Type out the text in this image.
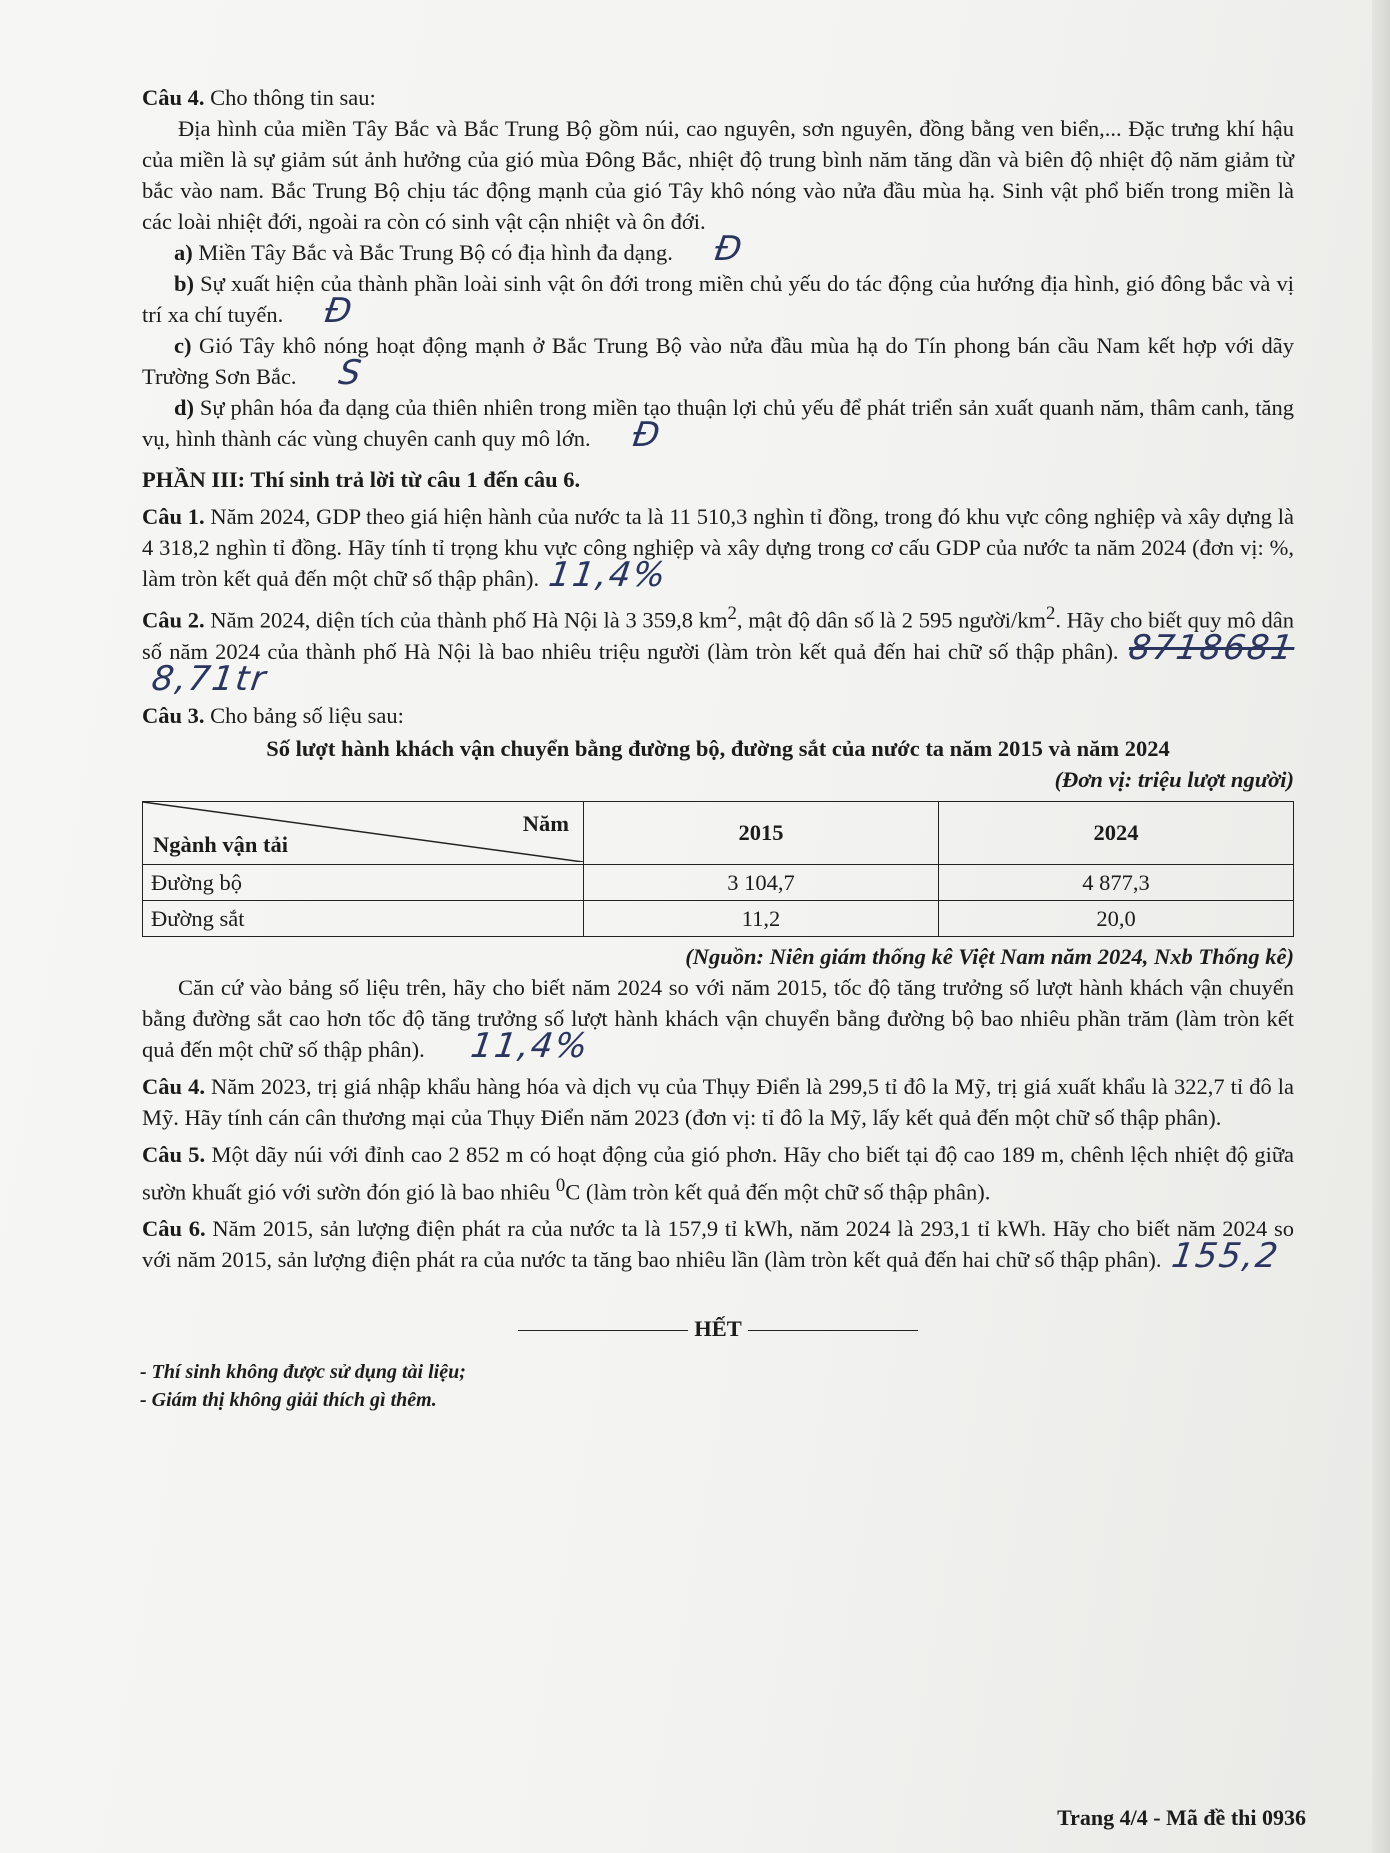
Câu 4. Cho thông tin sau:

Địa hình của miền Tây Bắc và Bắc Trung Bộ gồm núi, cao nguyên, sơn nguyên, đồng bằng ven biển,... Đặc trưng khí hậu của miền là sự giảm sút ảnh hưởng của gió mùa Đông Bắc, nhiệt độ trung bình năm tăng dần và biên độ nhiệt độ năm giảm từ bắc vào nam. Bắc Trung Bộ chịu tác động mạnh của gió Tây khô nóng vào nửa đầu mùa hạ. Sinh vật phổ biến trong miền là các loài nhiệt đới, ngoài ra còn có sinh vật cận nhiệt và ôn đới.

a) Miền Tây Bắc và Bắc Trung Bộ có địa hình đa dạng. Đ

b) Sự xuất hiện của thành phần loài sinh vật ôn đới trong miền chủ yếu do tác động của hướng địa hình, gió đông bắc và vị trí xa chí tuyến. Đ

c) Gió Tây khô nóng hoạt động mạnh ở Bắc Trung Bộ vào nửa đầu mùa hạ do Tín phong bán cầu Nam kết hợp với dãy Trường Sơn Bắc. S

d) Sự phân hóa đa dạng của thiên nhiên trong miền tạo thuận lợi chủ yếu để phát triển sản xuất quanh năm, thâm canh, tăng vụ, hình thành các vùng chuyên canh quy mô lớn. Đ

PHẦN III: Thí sinh trả lời từ câu 1 đến câu 6.

Câu 1. Năm 2024, GDP theo giá hiện hành của nước ta là 11 510,3 nghìn tỉ đồng, trong đó khu vực công nghiệp và xây dựng là 4 318,2 nghìn tỉ đồng. Hãy tính tỉ trọng khu vực công nghiệp và xây dựng trong cơ cấu GDP của nước ta năm 2024 (đơn vị: %, làm tròn kết quả đến một chữ số thập phân). 11,4%

Câu 2. Năm 2024, diện tích của thành phố Hà Nội là 3 359,8 $km^2$, mật độ dân số là 2 595 người/$km^2$. Hãy cho biết quy mô dân số năm 2024 của thành phố Hà Nội là bao nhiêu triệu người (làm tròn kết quả đến hai chữ số thập phân). 87186818,71tr

Câu 3. Cho bảng số liệu sau:

Số lượt hành khách vận chuyển bằng đường bộ, đường sắt của nước ta năm 2015 và năm 2024

(Đơn vị: triệu lượt người)

Năm
Ngành vận tải	2015	2024
Đường bộ	3 104,7	4 877,3
Đường sắt	11,2	20,0

(Nguồn: Niên giám thống kê Việt Nam năm 2024, Nxb Thống kê)

Căn cứ vào bảng số liệu trên, hãy cho biết năm 2024 so với năm 2015, tốc độ tăng trưởng số lượt hành khách vận chuyển bằng đường sắt cao hơn tốc độ tăng trưởng số lượt hành khách vận chuyển bằng đường bộ bao nhiêu phần trăm (làm tròn kết quả đến một chữ số thập phân). 11,4%

Câu 4. Năm 2023, trị giá nhập khẩu hàng hóa và dịch vụ của Thụy Điển là 299,5 tỉ đô la Mỹ, trị giá xuất khẩu là 322,7 tỉ đô la Mỹ. Hãy tính cán cân thương mại của Thụy Điển năm 2023 (đơn vị: tỉ đô la Mỹ, lấy kết quả đến một chữ số thập phân).

Câu 5. Một dãy núi với đỉnh cao 2 852 m có hoạt động của gió phơn. Hãy cho biết tại độ cao 189 m, chênh lệch nhiệt độ giữa sườn khuất gió với sườn đón gió là bao nhiêu $^0$C (làm tròn kết quả đến một chữ số thập phân).

Câu 6. Năm 2015, sản lượng điện phát ra của nước ta là 157,9 tỉ kWh, năm 2024 là 293,1 tỉ kWh. Hãy cho biết năm 2024 so với năm 2015, sản lượng điện phát ra của nước ta tăng bao nhiêu lần (làm tròn kết quả đến hai chữ số thập phân). 155,2

HẾT

- Thí sinh không được sử dụng tài liệu;

- Giám thị không giải thích gì thêm.

Trang 4/4 - Mã đề thi 0936
